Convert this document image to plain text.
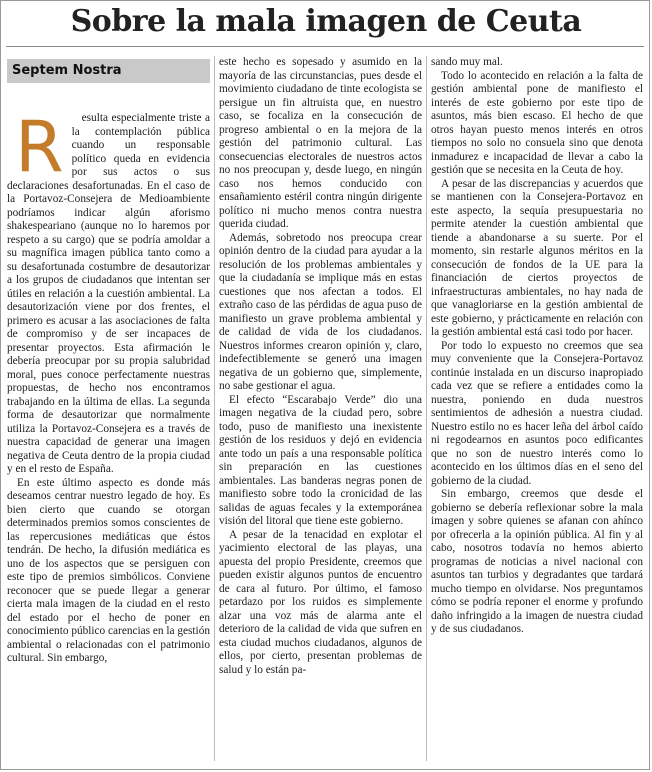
Sobre la mala imagen de Ceuta

Septem Nostra

R	esulta especialmente triste a la contemplación pública cuando un responsable político queda en evidencia por sus actos o sus declaraciones desafortunadas. En el caso de la Portavoz-Consejera de Medioambiente podríamos indicar algún aforismo shakespeariano (aunque no lo haremos por respeto a su cargo) que se podría amoldar a su magnífica imagen pública tanto como a su desafortunada costumbre de desautorizar a los grupos de ciudadanos que intentan ser útiles en relación a la cuestión ambiental. La desautorización viene por dos frentes, el primero es acusar a las asociaciones de falta de compromiso y de ser incapaces de presentar proyectos. Esta afirmación le debería preocupar por su propia salubridad moral, pues conoce perfectamente nuestras propuestas, de hecho nos encontramos trabajando en la última de ellas. La segunda forma de desautorizar que normalmente utiliza la Portavoz-Consejera es a través de nuestra capacidad de generar una imagen negativa de Ceuta dentro de la propia ciudad y en el resto de España.

En este último aspecto es donde más deseamos centrar nuestro legado de hoy. Es bien cierto que cuando se otorgan determinados premios somos conscientes de las repercusiones mediáticas que éstos tendrán. De hecho, la difusión mediática es uno de los aspectos que se persiguen con este tipo de premios simbólicos. Conviene reconocer que se puede llegar a generar cierta mala imagen de la ciudad en el resto del estado por el hecho de poner en conocimiento público carencias en la gestión ambiental o relacionadas con el patrimonio cultural. Sin embargo,

este hecho es sopesado y asumido en la mayoría de las circunstancias, pues desde el movimiento ciudadano de tinte ecologista se persigue un fin altruista que, en nuestro caso, se focaliza en la consecución de progreso ambiental o en la mejora de la gestión del patrimonio cultural. Las consecuencias electorales de nuestros actos no nos preocupan y, desde luego, en ningún caso nos hemos conducido con ensañamiento estéril contra ningún dirigente político ni mucho menos contra nuestra querida ciudad.

Además, sobretodo nos preocupa crear opinión dentro de la ciudad para ayudar a la resolución de los problemas ambientales y que la ciudadanía se implique más en estas cuestiones que nos afectan a todos. El extraño caso de las pérdidas de agua puso de manifiesto un grave problema ambiental y de calidad de vida de los ciudadanos. Nuestros informes crearon opinión y, claro, indefectiblemente se generó una imagen negativa de un gobierno que, simplemente, no sabe gestionar el agua.

El efecto “Escarabajo Verde” dio una imagen negativa de la ciudad pero, sobre todo, puso de manifiesto una inexistente gestión de los residuos y dejó en evidencia ante todo un país a una responsable política sin preparación en las cuestiones ambientales. Las banderas negras ponen de manifiesto sobre todo la cronicidad de las salidas de aguas fecales y la extemporánea visión del litoral que tiene este gobierno.

A pesar de la tenacidad en explotar el yacimiento electoral de las playas, una apuesta del propio Presidente, creemos que pueden existir algunos puntos de encuentro de cara al futuro. Por último, el famoso petardazo por los ruidos es simplemente alzar una voz más de alarma ante el deterioro de la calidad de vida que sufren en esta ciudad muchos ciudadanos, algunos de ellos, por cierto, presentan problemas de salud y lo están pa-

sando muy mal.

Todo lo acontecido en relación a la falta de gestión ambiental pone de manifiesto el interés de este gobierno por este tipo de asuntos, más bien escaso. El hecho de que otros hayan puesto menos interés en otros tiempos no solo no consuela sino que denota inmadurez e incapacidad de llevar a cabo la gestión que se necesita en la Ceuta de hoy.

A pesar de las discrepancias y acuerdos que se mantienen con la Consejera-Portavoz en este aspecto, la sequía presupuestaria no permite atender la cuestión ambiental que tiende a abandonarse a su suerte. Por el momento, sin restarle algunos méritos en la consecución de fondos de la UE para la financiación de ciertos proyectos de infraestructuras ambientales, no hay nada de que vanagloriarse en la gestión ambiental de este gobierno, y prácticamente en relación con la gestión ambiental está casi todo por hacer.

Por todo lo expuesto no creemos que sea muy conveniente que la Consejera-Portavoz continúe instalada en un discurso inapropiado cada vez que se refiere a entidades como la nuestra, poniendo en duda nuestros sentimientos de adhesión a nuestra ciudad. Nuestro estilo no es hacer leña del árbol caído ni regodearnos en asuntos poco edificantes que no son de nuestro interés como lo acontecido en los últimos días en el seno del gobierno de la ciudad.

Sin embargo, creemos que desde el gobierno se debería reflexionar sobre la mala imagen y sobre quienes se afanan con ahínco por ofrecerla a la opinión pública. Al fin y al cabo, nosotros todavía no hemos abierto programas de noticias a nivel nacional con asuntos tan turbios y degradantes que tardará mucho tiempo en olvidarse. Nos preguntamos cómo se podría reponer el enorme y profundo daño infringido a la imagen de nuestra ciudad y de sus ciudadanos.
